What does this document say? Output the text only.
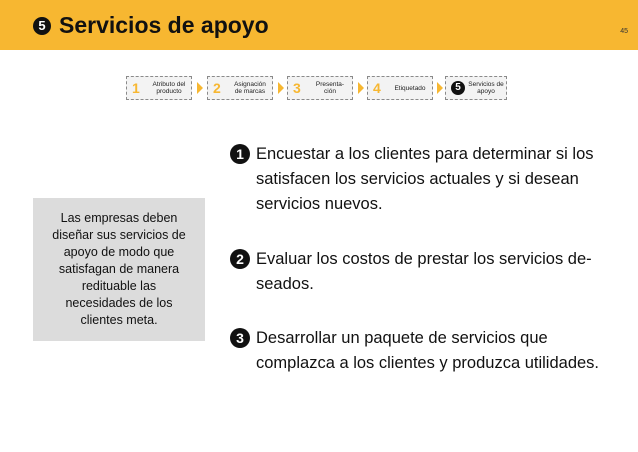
5 Servicios de apoyo	45
1	Atributo del producto	2	Asignación de marcas	3	Presenta-ción	4	Etiquetado	5	Servicios de apoyo
Las empresas deben diseñar sus servicios de apoyo de modo que satisfagan de manera redituable las necesidades de los clientes meta.
1 Encuestar a los clientes para determinar si los satisfacen los servicios actuales y si desean servicios nuevos.

2 Evaluar los costos de prestar los servicios de-seados.

3 Desarrollar un paquete de servicios que complazca a los clientes y produzca utilidades.
